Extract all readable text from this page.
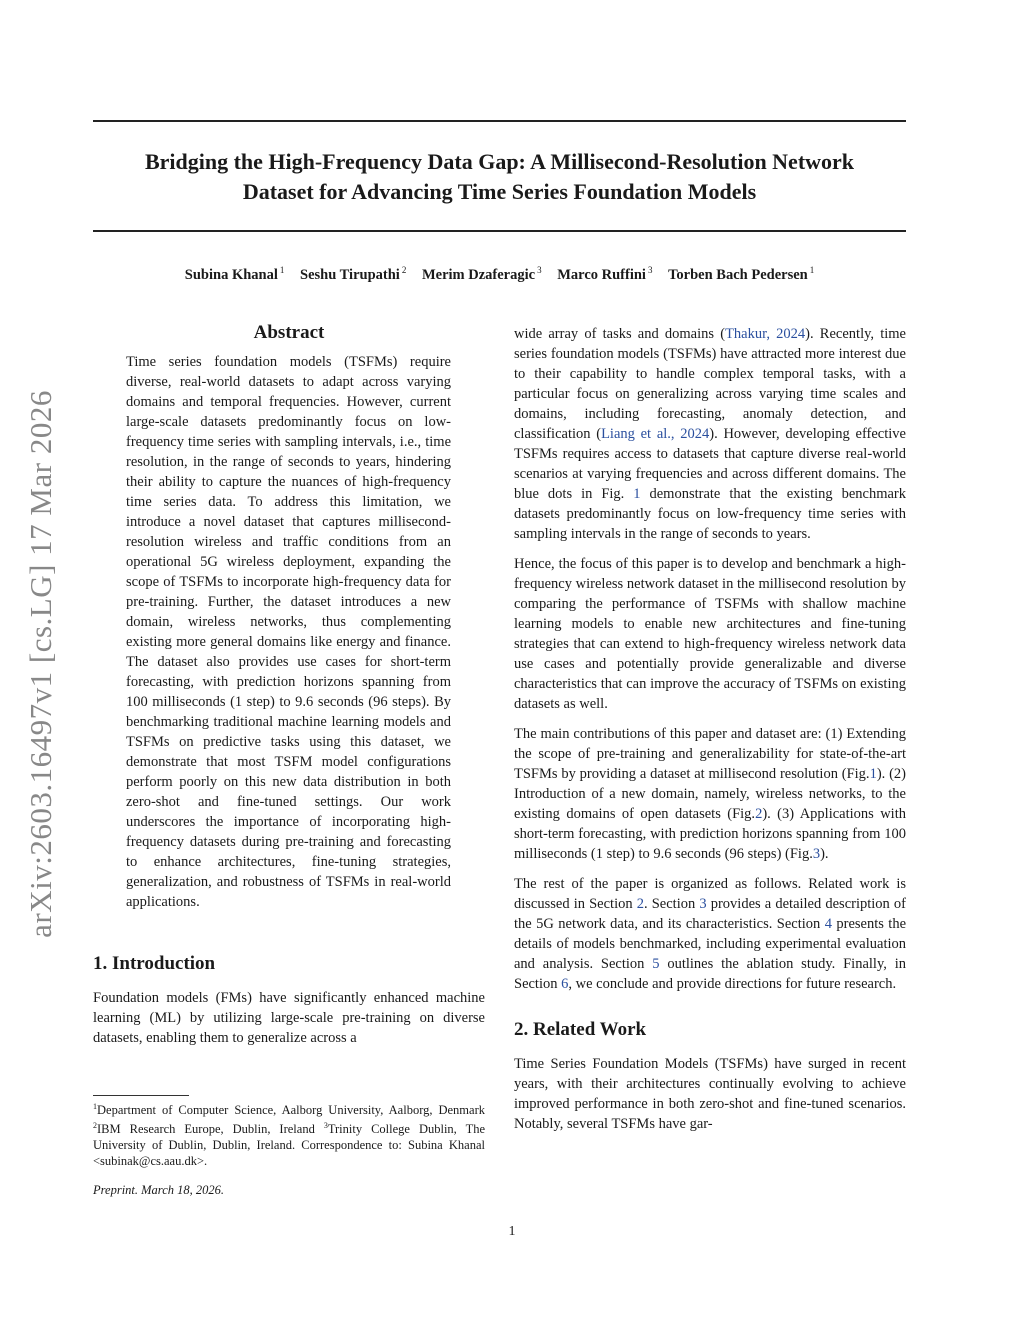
arXiv:2603.16497v1 [cs.LG] 17 Mar 2026
Bridging the High-Frequency Data Gap: A Millisecond-Resolution Network
Dataset for Advancing Time Series Foundation Models
Subina Khanal $^1$ Seshu Tirupathi $^2$ Merim Dzaferagic $^3$ Marco Ruffini $^3$ Torben Bach Pedersen $^1$
Abstract
Time series foundation models (TSFMs) require diverse, real-world datasets to adapt across varying domains and temporal frequencies. However, current large-scale datasets predominantly focus on low-frequency time series with sampling intervals, i.e., time resolution, in the range of seconds to years, hindering their ability to capture the nuances of high-frequency time series data. To address this limitation, we introduce a novel dataset that captures millisecond-resolution wireless and traffic conditions from an operational 5G wireless deployment, expanding the scope of TSFMs to incorporate high-frequency data for pre-training. Further, the dataset introduces a new domain, wireless networks, thus complementing existing more general domains like energy and finance. The dataset also provides use cases for short-term forecasting, with prediction horizons spanning from 100 milliseconds (1 step) to 9.6 seconds (96 steps). By benchmarking traditional machine learning models and TSFMs on predictive tasks using this dataset, we demonstrate that most TSFM model configurations perform poorly on this new data distribution in both zero-shot and fine-tuned settings. Our work underscores the importance of incorporating high-frequency datasets during pre-training and forecasting to enhance architectures, fine-tuning strategies, generalization, and robustness of TSFMs in real-world applications.
1. Introduction

Foundation models (FMs) have significantly enhanced machine learning (ML) by utilizing large-scale pre-training on diverse datasets, enabling them to generalize across a

wide array of tasks and domains (Thakur, 2024). Recently, time series foundation models (TSFMs) have attracted more interest due to their capability to handle complex temporal tasks, with a particular focus on generalizing across varying time scales and domains, including forecasting, anomaly detection, and classification (Liang et al., 2024). However, developing effective TSFMs requires access to datasets that capture diverse real-world scenarios at varying frequencies and across different domains. The blue dots in Fig. 1 demonstrate that the existing benchmark datasets predominantly focus on low-frequency time series with sampling intervals in the range of seconds to years.

Hence, the focus of this paper is to develop and benchmark a high-frequency wireless network dataset in the millisecond resolution by comparing the performance of TSFMs with shallow machine learning models to enable new architectures and fine-tuning strategies that can extend to high-frequency wireless network data use cases and potentially provide generalizable and diverse characteristics that can improve the accuracy of TSFMs on existing datasets as well.

The main contributions of this paper and dataset are: (1) Extending the scope of pre-training and generalizability for state-of-the-art TSFMs by providing a dataset at millisecond resolution (Fig.1). (2) Introduction of a new domain, namely, wireless networks, to the existing domains of open datasets (Fig.2). (3) Applications with short-term forecasting, with prediction horizons spanning from 100 milliseconds (1 step) to 9.6 seconds (96 steps) (Fig.3).

The rest of the paper is organized as follows. Related work is discussed in Section 2. Section 3 provides a detailed description of the 5G network data, and its characteristics. Section 4 presents the details of models benchmarked, including experimental evaluation and analysis. Section 5 outlines the ablation study. Finally, in Section 6, we conclude and provide directions for future research.

2. Related Work

Time Series Foundation Models (TSFMs) have surged in recent years, with their architectures continually evolving to achieve improved performance in both zero-shot and fine-tuned scenarios. Notably, several TSFMs have gar-

$^1$Department of Computer Science, Aalborg University, Aalborg, Denmark $^2$IBM Research Europe, Dublin, Ireland $^3$Trinity College Dublin, The University of Dublin, Dublin, Ireland. Correspondence to: Subina Khanal <subinak@cs.aau.dk>.
Preprint. March 18, 2026.
1
